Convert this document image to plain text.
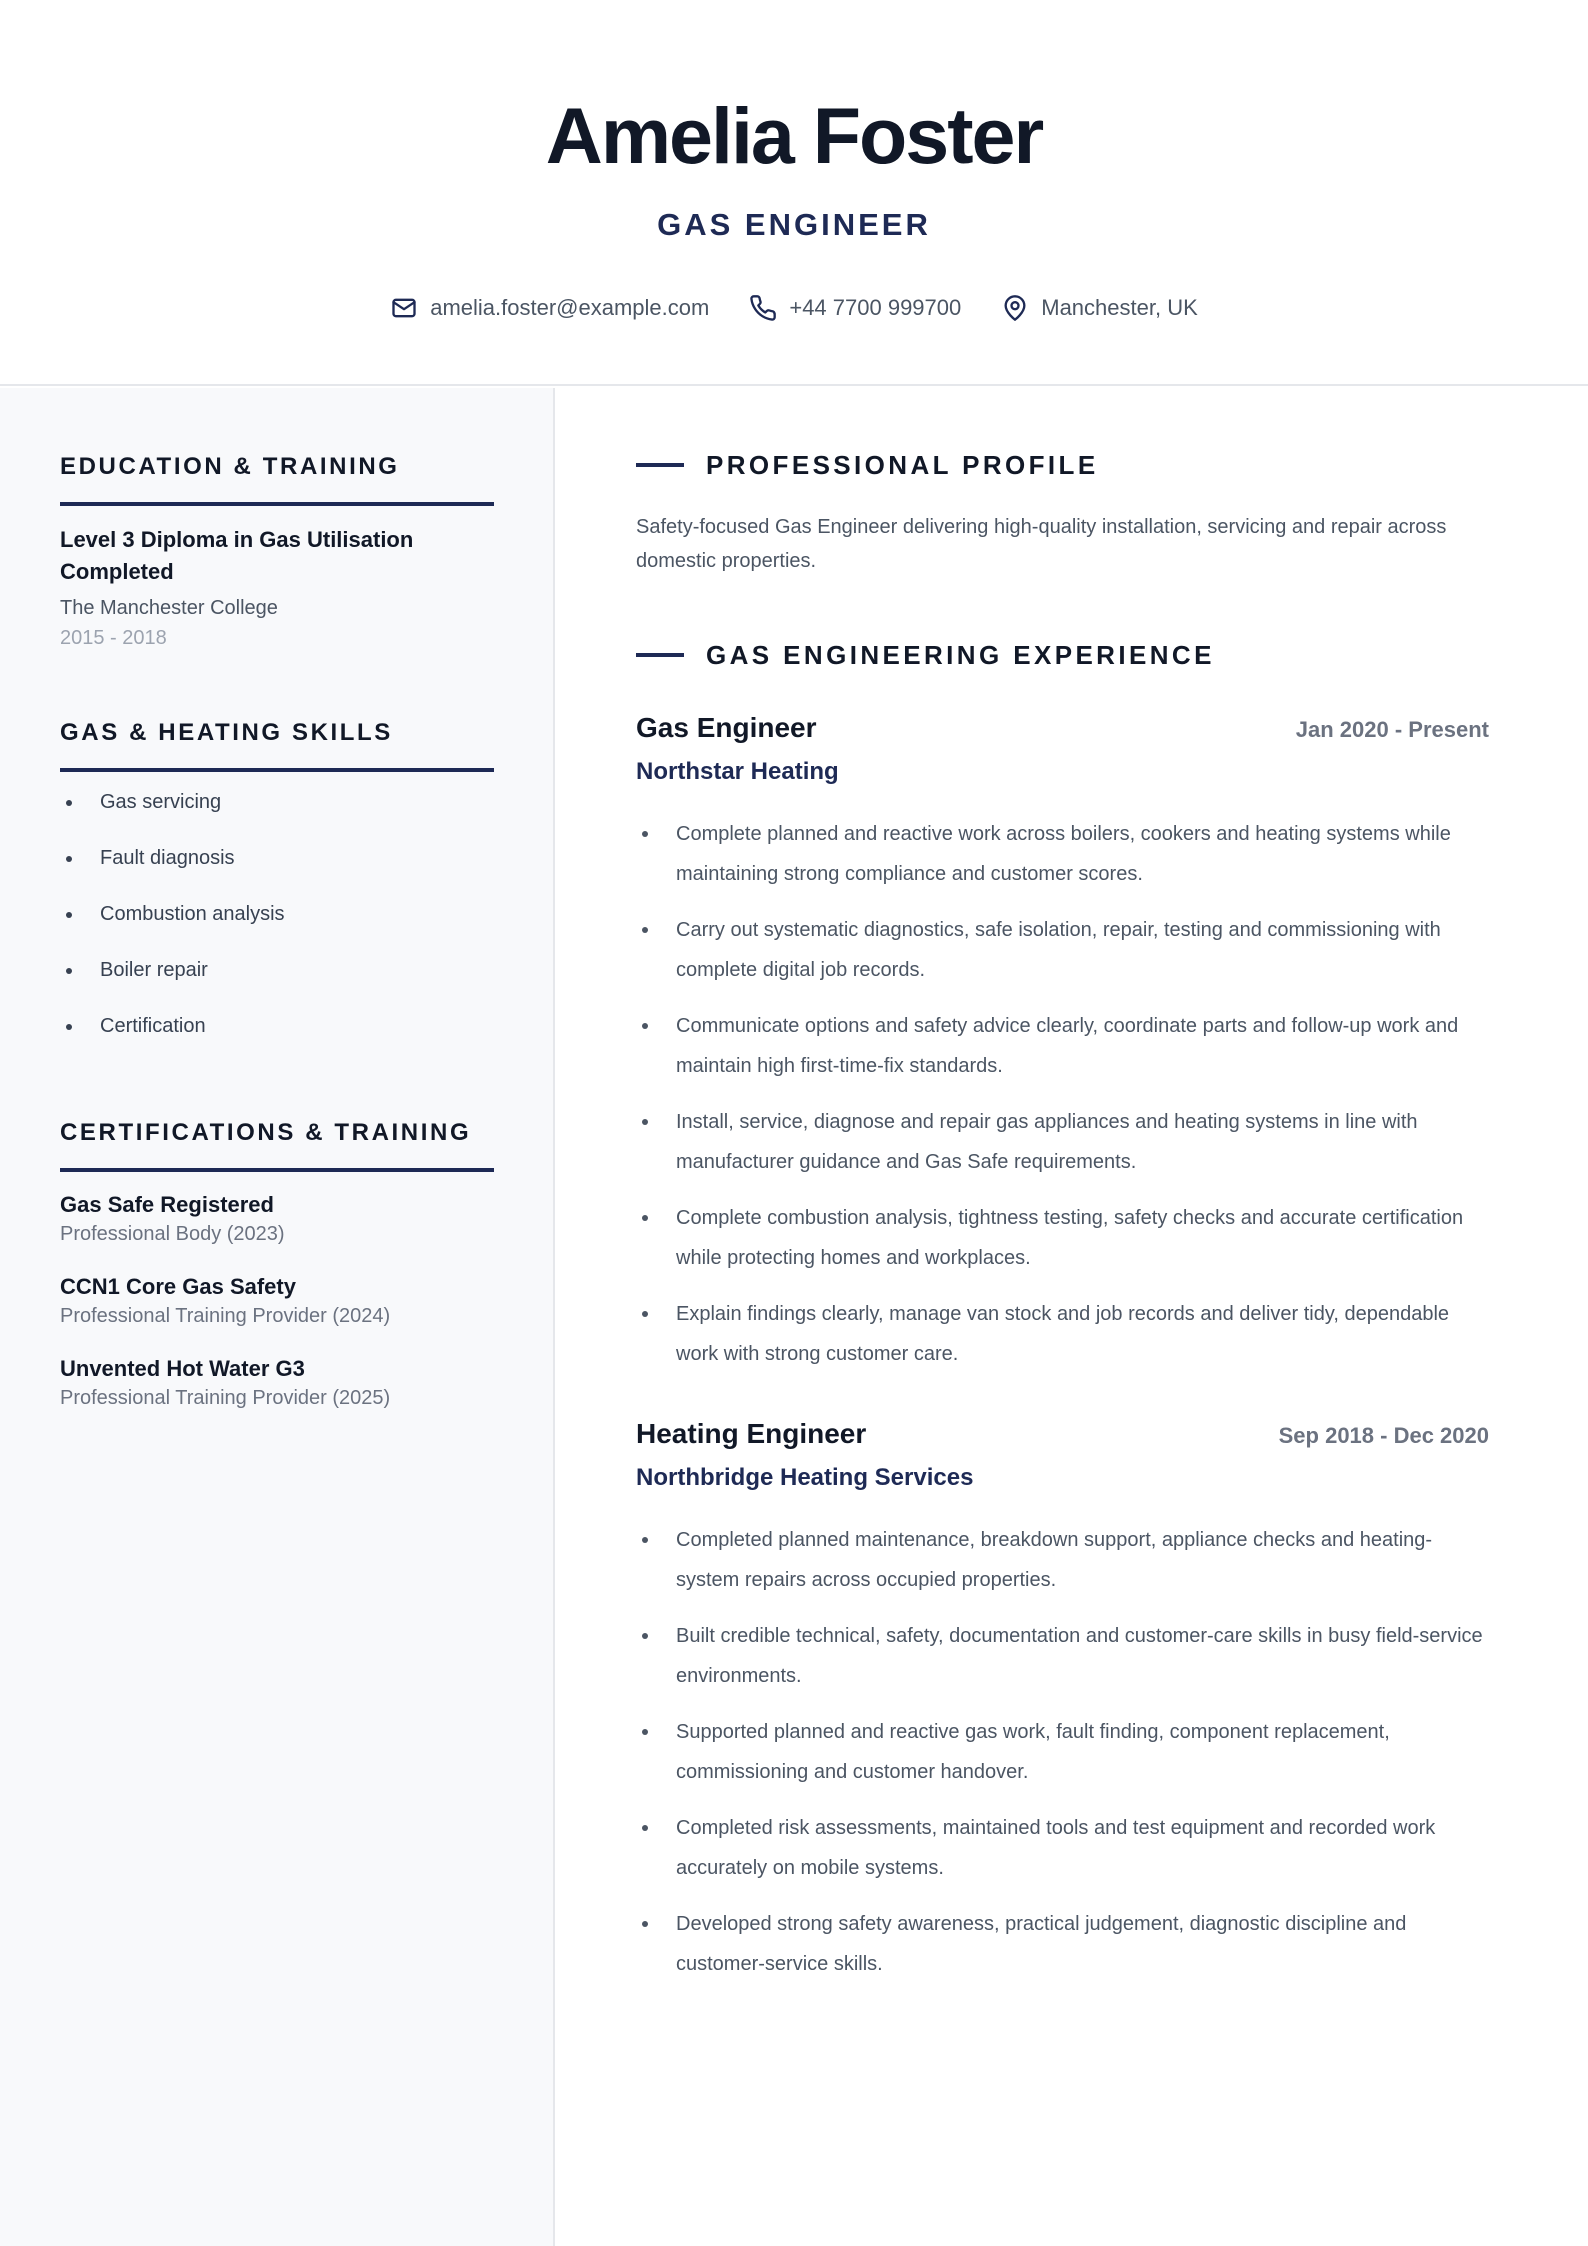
Amelia Foster
GAS ENGINEER
amelia.foster@example.com	+44 7700 999700	Manchester, UK
EDUCATION & TRAINING
Level 3 Diploma in Gas Utilisation Completed
The Manchester College
2015 - 2018
GAS & HEATING SKILLS
Gas servicing
Fault diagnosis
Combustion analysis
Boiler repair
Certification
CERTIFICATIONS & TRAINING
Gas Safe Registered
Professional Body (2023)
CCN1 Core Gas Safety
Professional Training Provider (2024)
Unvented Hot Water G3
Professional Training Provider (2025)
PROFESSIONAL PROFILE

Safety-focused Gas Engineer delivering high-quality installation, servicing and repair across domestic properties.

GAS ENGINEERING EXPERIENCE
Gas Engineer	Jan 2020 - Present
Northstar Heating
Complete planned and reactive work across boilers, cookers and heating systems while maintaining strong compliance and customer scores.
Carry out systematic diagnostics, safe isolation, repair, testing and commissioning with complete digital job records.
Communicate options and safety advice clearly, coordinate parts and follow-up work and maintain high first-time-fix standards.
Install, service, diagnose and repair gas appliances and heating systems in line with manufacturer guidance and Gas Safe requirements.
Complete combustion analysis, tightness testing, safety checks and accurate certification while protecting homes and workplaces.
Explain findings clearly, manage van stock and job records and deliver tidy, dependable work with strong customer care.
Heating Engineer	Sep 2018 - Dec 2020
Northbridge Heating Services
Completed planned maintenance, breakdown support, appliance checks and heating-system repairs across occupied properties.
Built credible technical, safety, documentation and customer-care skills in busy field-service environments.
Supported planned and reactive gas work, fault finding, component replacement, commissioning and customer handover.
Completed risk assessments, maintained tools and test equipment and recorded work accurately on mobile systems.
Developed strong safety awareness, practical judgement, diagnostic discipline and customer-service skills.
